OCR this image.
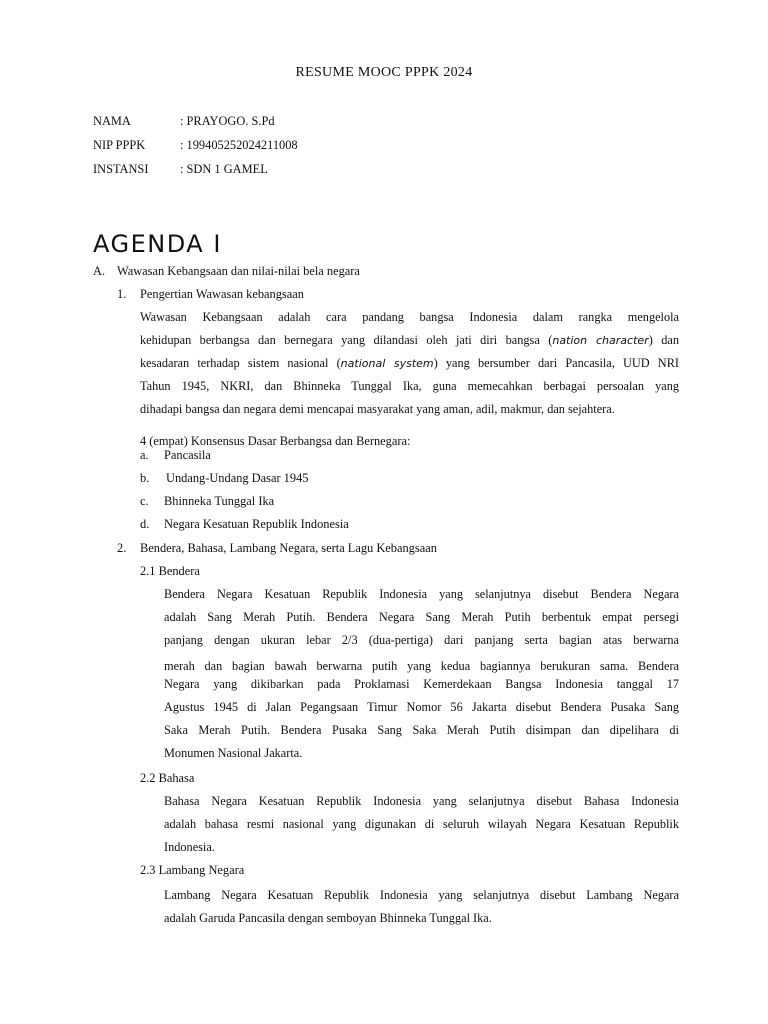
RESUME MOOC PPPK 2024
NAMA	: PRAYOGO. S.Pd
NIP PPPK	: 199405252024211008
INSTANSI	: SDN 1 GAMEL
AGENDA I
A. Wawasan Kebangsaan dan nilai-nilai bela negara
1. Pengertian Wawasan kebangsaan
Wawasan Kebangsaan adalah cara pandang bangsa Indonesia dalam rangka mengelola
kehidupan berbangsa dan bernegara yang dilandasi oleh jati diri bangsa (nation character) dan
kesadaran terhadap sistem nasional (national system) yang bersumber dari Pancasila, UUD NRI
Tahun 1945, NKRI, dan Bhinneka Tunggal Ika, guna memecahkan berbagai persoalan yang
dihadapi bangsa dan negara demi mencapai masyarakat yang aman, adil, makmur, dan sejahtera.
4 (empat) Konsensus Dasar Berbangsa dan Bernegara:
a. Pancasila
b. Undang-Undang Dasar 1945
c. Bhinneka Tunggal Ika
d. Negara Kesatuan Republik Indonesia
2. Bendera, Bahasa, Lambang Negara, serta Lagu Kebangsaan
2.1 Bendera
Bendera Negara Kesatuan Republik Indonesia yang selanjutnya disebut Bendera Negara
adalah Sang Merah Putih. Bendera Negara Sang Merah Putih berbentuk empat persegi
panjang dengan ukuran lebar 2/3 (dua-pertiga) dari panjang serta bagian atas berwarna
merah dan bagian bawah berwarna putih yang kedua bagiannya berukuran sama. Bendera
Negara yang dikibarkan pada Proklamasi Kemerdekaan Bangsa Indonesia tanggal 17
Agustus 1945 di Jalan Pegangsaan Timur Nomor 56 Jakarta disebut Bendera Pusaka Sang
Saka Merah Putih. Bendera Pusaka Sang Saka Merah Putih disimpan dan dipelihara di
Monumen Nasional Jakarta.
2.2 Bahasa
Bahasa Negara Kesatuan Republik Indonesia yang selanjutnya disebut Bahasa Indonesia
adalah bahasa resmi nasional yang digunakan di seluruh wilayah Negara Kesatuan Republik
Indonesia.
2.3 Lambang Negara
Lambang Negara Kesatuan Republik Indonesia yang selanjutnya disebut Lambang Negara
adalah Garuda Pancasila dengan semboyan Bhinneka Tunggal Ika.
